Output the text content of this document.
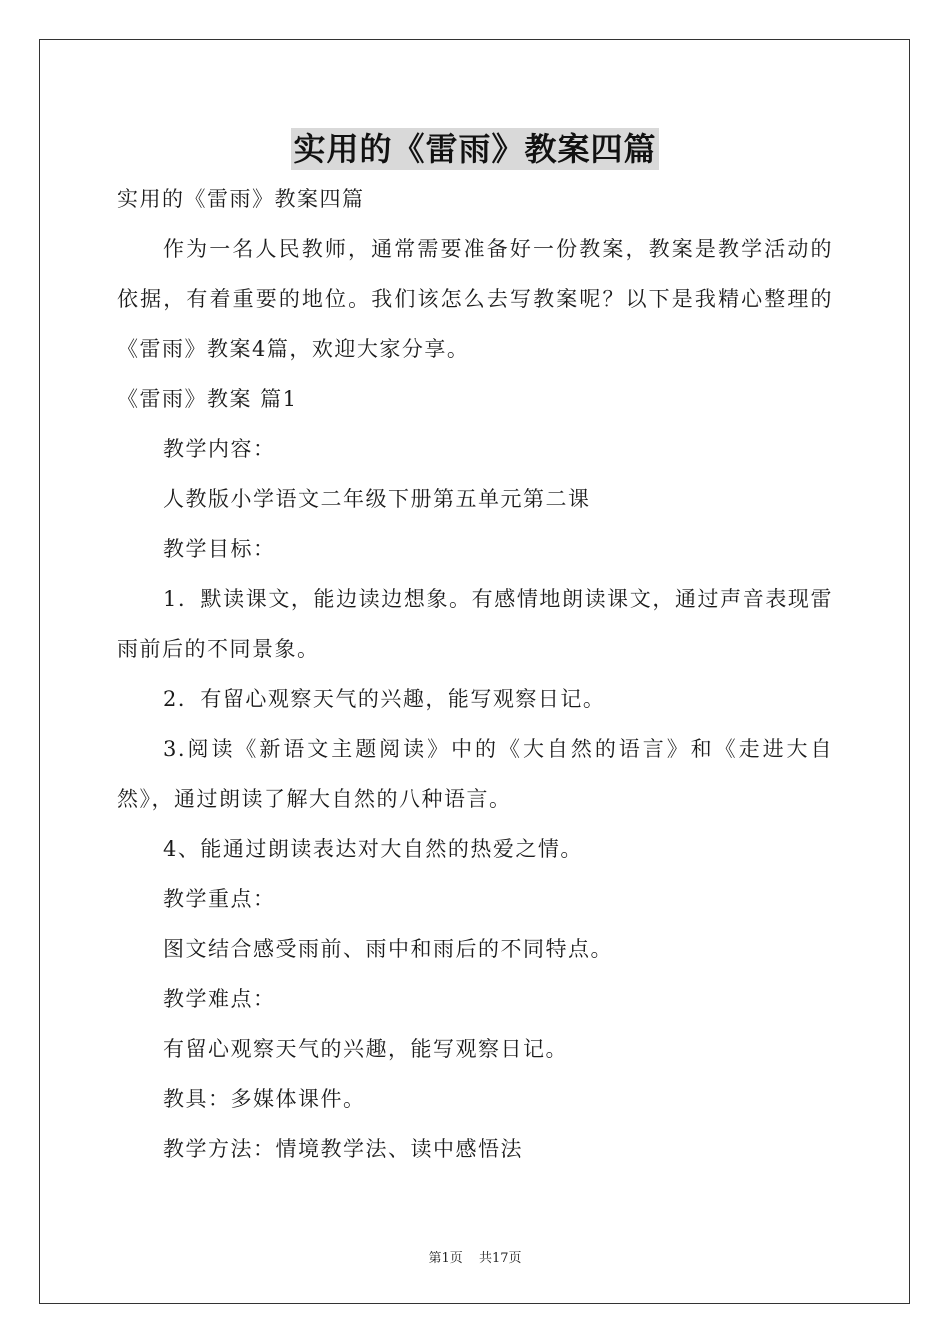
实用的《雷雨》教案四篇

实用的《雷雨》教案四篇

作为一名人民教师，通常需要准备好一份教案，教案是教学活动的依据，有着重要的地位。我们该怎么去写教案呢？以下是我精心整理的《雷雨》教案4篇，欢迎大家分享。

《雷雨》教案 篇1

教学内容：

人教版小学语文二年级下册第五单元第二课

教学目标：

1．默读课文，能边读边想象。有感情地朗读课文，通过声音表现雷雨前后的不同景象。

2．有留心观察天气的兴趣，能写观察日记。

3.阅读《新语文主题阅读》中的《大自然的语言》和《走进大自然》，通过朗读了解大自然的八种语言。

4、能通过朗读表达对大自然的热爱之情。

教学重点：

图文结合感受雨前、雨中和雨后的不同特点。

教学难点：

有留心观察天气的兴趣，能写观察日记。

教具：多媒体课件。

教学方法：情境教学法、读中感悟法

第1页 共17页
